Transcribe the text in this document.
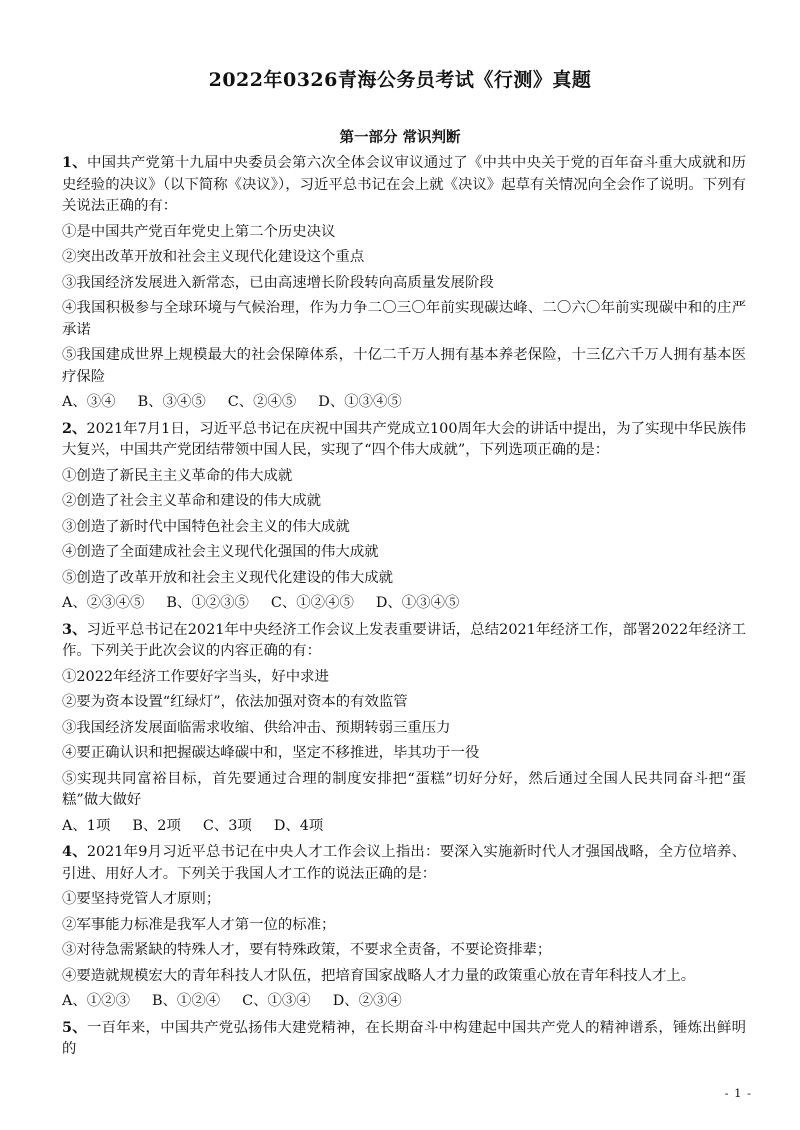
2022年0326青海公务员考试《行测》真题
第一部分 常识判断

1、中国共产党第十九届中央委员会第六次全体会议审议通过了《中共中央关于党的百年奋斗重大成就和历史经验的决议》（以下简称《决议》），习近平总书记在会上就《决议》起草有关情况向全会作了说明。下列有关说法正确的有：

①是中国共产党百年党史上第二个历史决议

②突出改革开放和社会主义现代化建设这个重点

③我国经济发展进入新常态，已由高速增长阶段转向高质量发展阶段

④我国积极参与全球环境与气候治理，作为力争二〇三〇年前实现碳达峰、二〇六〇年前实现碳中和的庄严承诺

⑤我国建成世界上规模最大的社会保障体系，十亿二千万人拥有基本养老保险，十三亿六千万人拥有基本医疗保险

A、③④ B、③④⑤ C、②④⑤ D、①③④⑤

2、2021年7月1日，习近平总书记在庆祝中国共产党成立100周年大会的讲话中提出，为了实现中华民族伟大复兴，中国共产党团结带领中国人民，实现了“四个伟大成就”，下列选项正确的是：

①创造了新民主主义革命的伟大成就

②创造了社会主义革命和建设的伟大成就

③创造了新时代中国特色社会主义的伟大成就

④创造了全面建成社会主义现代化强国的伟大成就

⑤创造了改革开放和社会主义现代化建设的伟大成就

A、②③④⑤ B、①②③⑤ C、①②④⑤ D、①③④⑤

3、习近平总书记在2021年中央经济工作会议上发表重要讲话，总结2021年经济工作，部署2022年经济工作。下列关于此次会议的内容正确的有：

①2022年经济工作要好字当头，好中求进

②要为资本设置“红绿灯”，依法加强对资本的有效监管

③我国经济发展面临需求收缩、供给冲击、预期转弱三重压力

④要正确认识和把握碳达峰碳中和，坚定不移推进，毕其功于一役

⑤实现共同富裕目标，首先要通过合理的制度安排把“蛋糕”切好分好，然后通过全国人民共同奋斗把“蛋糕”做大做好

A、1项 B、2项 C、3项 D、4项

4、2021年9月习近平总书记在中央人才工作会议上指出：要深入实施新时代人才强国战略，全方位培养、引进、用好人才。下列关于我国人才工作的说法正确的是：

①要坚持党管人才原则；

②军事能力标准是我军人才第一位的标准；

③对待急需紧缺的特殊人才，要有特殊政策，不要求全责备，不要论资排辈；

④要造就规模宏大的青年科技人才队伍，把培育国家战略人才力量的政策重心放在青年科技人才上。

A、①②③ B、①②④ C、①③④ D、②③④

5、一百年来，中国共产党弘扬伟大建党精神，在长期奋斗中构建起中国共产党人的精神谱系，锤炼出鲜明的

- 1 -
